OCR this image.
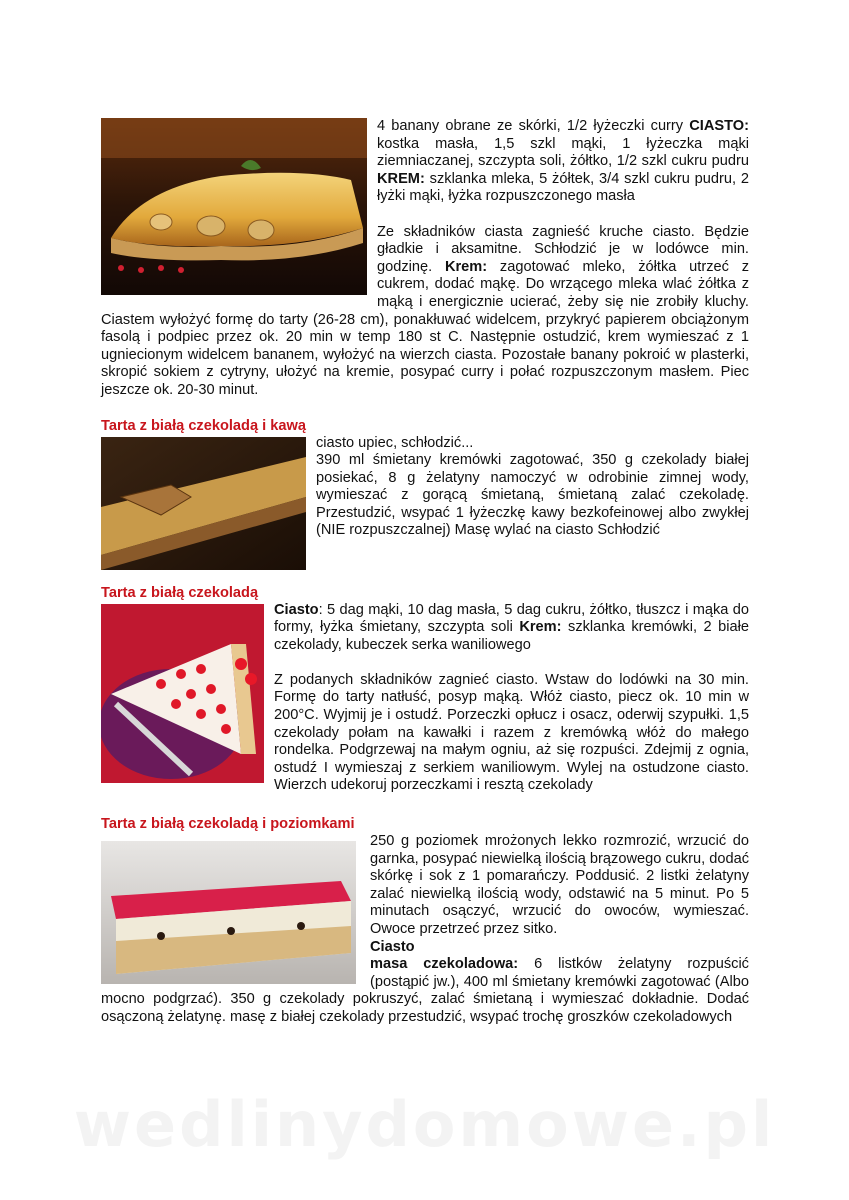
4 banany obrane ze skórki, 1/2 łyżeczki curry CIASTO: kostka masła, 1,5 szkl mąki, 1 łyżeczka mąki ziemniaczanej, szczypta soli, żółtko, 1/2 szkl cukru pudru KREM: szklanka mleka, 5 żółtek, 3/4 szkl cukru pudru, 2 łyżki mąki, łyżka rozpuszczonego masła

Ze składników ciasta zagnieść kruche ciasto. Będzie gładkie i aksamitne. Schłodzić je w lodówce min. godzinę. Krem: zagotować mleko, żółtka utrzeć z cukrem, dodać mąkę. Do wrzącego mleka wlać żółtka z mąką i energicznie ucierać, żeby się nie zrobiły kluchy. Ciastem wyłożyć formę do tarty (26-28 cm), ponakłuwać widelcem, przykryć papierem obciążonym fasolą i podpiec przez ok. 20 min w temp 180 st C. Następnie ostudzić, krem wymieszać z 1 ugniecionym widelcem bananem, wyłożyć na wierzch ciasta. Pozostałe banany pokroić w plasterki, skropić sokiem z cytryny, ułożyć na kremie, posypać curry i połać rozpuszczonym masłem. Piec jeszcze ok. 20-30 minut.

Tarta z białą czekoladą i kawą

ciasto upiec, schłodzić...
390 ml śmietany kremówki zagotować, 350 g czekolady białej posiekać, 8 g żelatyny namoczyć w odrobinie zimnej wody, wymieszać z gorącą śmietaną, śmietaną zalać czekoladę. Przestudzić, wsypać 1 łyżeczkę kawy bezkofeinowej albo zwykłej (NIE rozpuszczalnej) Masę wylać na ciasto Schłodzić

Tarta z białą czekoladą

Ciasto: 5 dag mąki, 10 dag masła, 5 dag cukru, żółtko, tłuszcz i mąka do formy, łyżka śmietany, szczypta soli Krem: szklanka kremówki, 2 białe czekolady, kubeczek serka waniliowego

Z podanych składników zagnieć ciasto. Wstaw do lodówki na 30 min. Formę do tarty natłuść, posyp mąką. Włóż ciasto, piecz ok. 10 min w 200°C. Wyjmij je i ostudź. Porzeczki opłucz i osacz, oderwij szypułki. 1,5 czekolady połam na kawałki i razem z kremówką włóż do małego rondelka. Podgrzewaj na małym ogniu, aż się rozpuści. Zdejmij z ognia, ostudź I wymieszaj z serkiem waniliowym. Wylej na ostudzone ciasto. Wierzch udekoruj porzeczkami i resztą czekolady

Tarta z białą czekoladą i poziomkami

250 g poziomek mrożonych lekko rozmrozić, wrzucić do garnka, posypać niewielką ilością brązowego cukru, dodać skórkę i sok z 1 pomarańczy. Poddusić. 2 listki żelatyny zalać niewielką ilością wody, odstawić na 5 minut. Po 5 minutach osączyć, wrzucić do owoców, wymieszać. Owoce przetrzeć przez sitko.
Ciasto
masa czekoladowa: 6 listków żelatyny rozpuścić (postąpić jw.), 400 ml śmietany kremówki zagotować (Albo mocno podgrzać). 350 g czekolady pokruszyć, zalać śmietaną i wymieszać dokładnie. Dodać osączoną żelatynę. masę z białej czekolady przestudzić, wsypać trochę groszków czekoladowych

wedlinydomowe.pl
